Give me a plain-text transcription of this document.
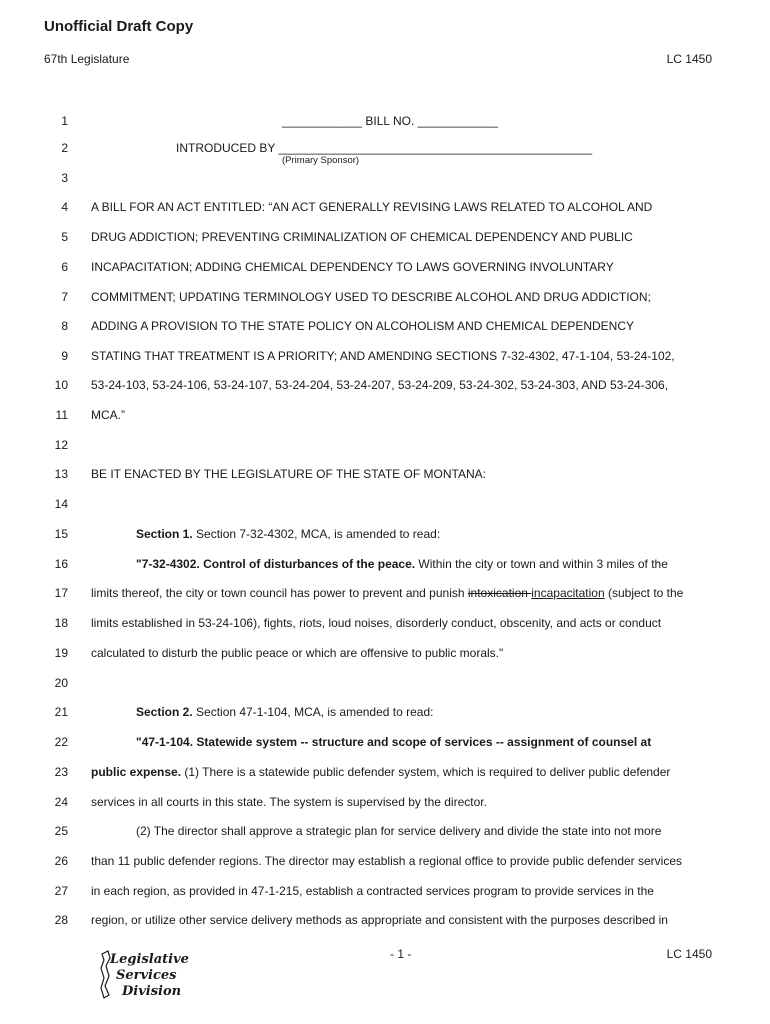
Unofficial Draft Copy
67th Legislature	LC 1450
1	____________ BILL NO. ____________
2	INTRODUCED BY _______________________________________________
(Primary Sponsor)
3
4 A BILL FOR AN ACT ENTITLED: “AN ACT GENERALLY REVISING LAWS RELATED TO ALCOHOL AND
5 DRUG ADDICTION; PREVENTING CRIMINALIZATION OF CHEMICAL DEPENDENCY AND PUBLIC
6 INCAPACITATION; ADDING CHEMICAL DEPENDENCY TO LAWS GOVERNING INVOLUNTARY
7 COMMITMENT; UPDATING TERMINOLOGY USED TO DESCRIBE ALCOHOL AND DRUG ADDICTION;
8 ADDING A PROVISION TO THE STATE POLICY ON ALCOHOLISM AND CHEMICAL DEPENDENCY
9 STATING THAT TREATMENT IS A PRIORITY; AND AMENDING SECTIONS 7-32-4302, 47-1-104, 53-24-102,
10 53-24-103, 53-24-106, 53-24-107, 53-24-204, 53-24-207, 53-24-209, 53-24-302, 53-24-303, AND 53-24-306,
11 MCA.”
12
13 BE IT ENACTED BY THE LEGISLATURE OF THE STATE OF MONTANA:
14
15	Section 1. Section 7-32-4302, MCA, is amended to read:
16	"7-32-4302. Control of disturbances of the peace. Within the city or town and within 3 miles of the
17 limits thereof, the city or town council has power to prevent and punish intoxication incapacitation (subject to the
18 limits established in 53-24-106), fights, riots, loud noises, disorderly conduct, obscenity, and acts or conduct
19 calculated to disturb the public peace or which are offensive to public morals."
20
21	Section 2. Section 47-1-104, MCA, is amended to read:
22	"47-1-104. Statewide system -- structure and scope of services -- assignment of counsel at
23 public expense. (1) There is a statewide public defender system, which is required to deliver public defender
24 services in all courts in this state. The system is supervised by the director.
25	(2) The director shall approve a strategic plan for service delivery and divide the state into not more
26 than 11 public defender regions. The director may establish a regional office to provide public defender services
27 in each region, as provided in 47-1-215, establish a contracted services program to provide services in the
28 region, or utilize other service delivery methods as appropriate and consistent with the purposes described in
Legislative
Services
Division
- 1 -	LC 1450
